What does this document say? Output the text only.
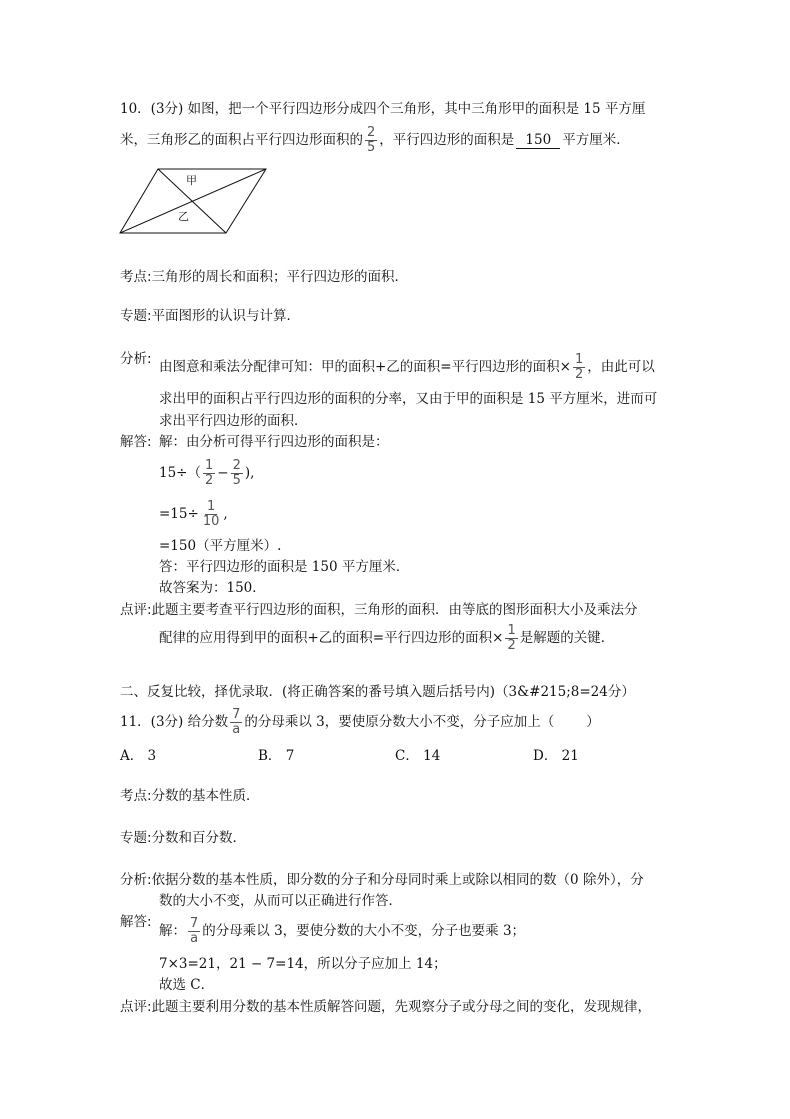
10．(3分) 如图，把一个平行四边形分成四个三角形，其中三角形甲的面积是 15 平方厘
米，三角形乙的面积占平行四边形面积的 $\frac{2}{5}$ ，平行四边形的面积是 150 平方厘米．
甲
乙
考点:三角形的周长和面积；平行四边形的面积．
专题:平面图形的认识与计算．
分析: 由图意和乘法分配律可知：甲的面积+乙的面积=平行四边形的面积× $\frac{1}{2}$ ，由此可以
求出甲的面积占平行四边形的面积的分率，又由于甲的面积是 15 平方厘米，进而可
求出平行四边形的面积．
解答: 解：由分析可得平行四边形的面积是：
$15\div( \frac{1}{2} - \frac{2}{5}$ ),
$=15\div \frac{1}{10}$ ,
=150（平方厘米）.
答：平行四边形的面积是 150 平方厘米．
故答案为：150．
点评:此题主要考查平行四边形的面积，三角形的面积．由等底的图形面积大小及乘法分
配律的应用得到甲的面积+乙的面积=平行四边形的面积× $\frac{1}{2}$ 是解题的关键．
二、反复比较，择优录取．(将正确答案的番号填入题后括号内)（3&#215;8=24分）
11．(3分) 给分数 $\frac{7}{a}$ 的分母乘以 3，要使原分数大小不变，分子应加上（ ）
A． 3	B． 7	C． 14	D． 21
考点:分数的基本性质．
专题:分数和百分数．
分析:依据分数的基本性质，即分数的分子和分母同时乘上或除以相同的数（0 除外），分
数的大小不变，从而可以正确进行作答．
解答:
解： $\frac{7}{a}$ 的分母乘以 3，要使分数的大小不变，分子也要乘 3；
7×3=21，21 − 7=14，所以分子应加上 14；
故选 C．
点评:此题主要利用分数的基本性质解答问题，先观察分子或分母之间的变化，发现规律，
